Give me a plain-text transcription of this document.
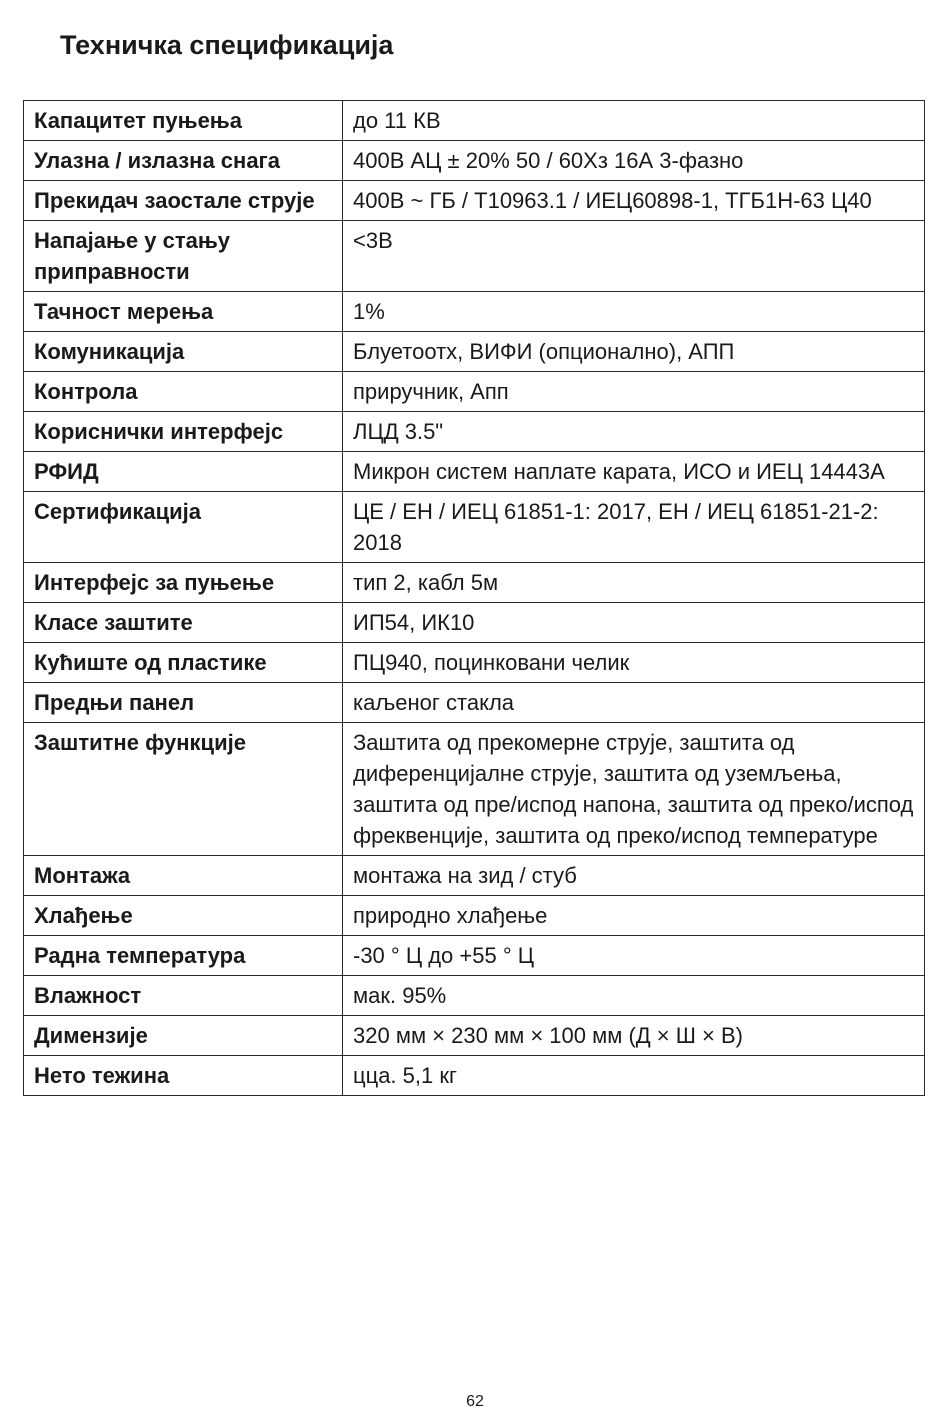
Техничка спецификација
Капацитет пуњења	до 11 КВ
Улазна / излазна снага	400В АЦ ± 20% 50 / 60Хз 16А 3-фазно
Прекидач заостале струје	400В ~ ГБ / Т10963.1 / ИЕЦ60898-1, ТГБ1Н-63 Ц40
Напајање у стању приправности	<3В
Тачност мерења	1%
Комуникација	Блуетоотх, ВИФИ (опционално), АПП
Контрола	приручник, Апп
Кориснички интерфејс	ЛЦД 3.5"
РФИД	Микрон систем наплате карата, ИСО и ИЕЦ 14443А
Сертификација	ЦЕ / ЕН / ИЕЦ 61851-1: 2017, ЕН / ИЕЦ 61851-21-2: 2018
Интерфејс за пуњење	тип 2, кабл 5м
Класе заштите	ИП54, ИК10
Кућиште од пластике	ПЦ940, поцинковани челик
Предњи панел	каљеног стакла
Заштитне функције	Заштита од прекомерне струје, заштита од диференцијалне струје, заштита од уземљења, заштита од пре/испод напона, заштита од преко/испод фреквенције, заштита од преко/испод температуре
Монтажа	монтажа на зид / стуб
Хлађење	природно хлађење
Радна температура	-30 ° Ц до +55 ° Ц
Влажност	мак. 95%
Димензије	320 мм × 230 мм × 100 мм (Д × Ш × В)
Нето тежина	цца. 5,1 кг
62
